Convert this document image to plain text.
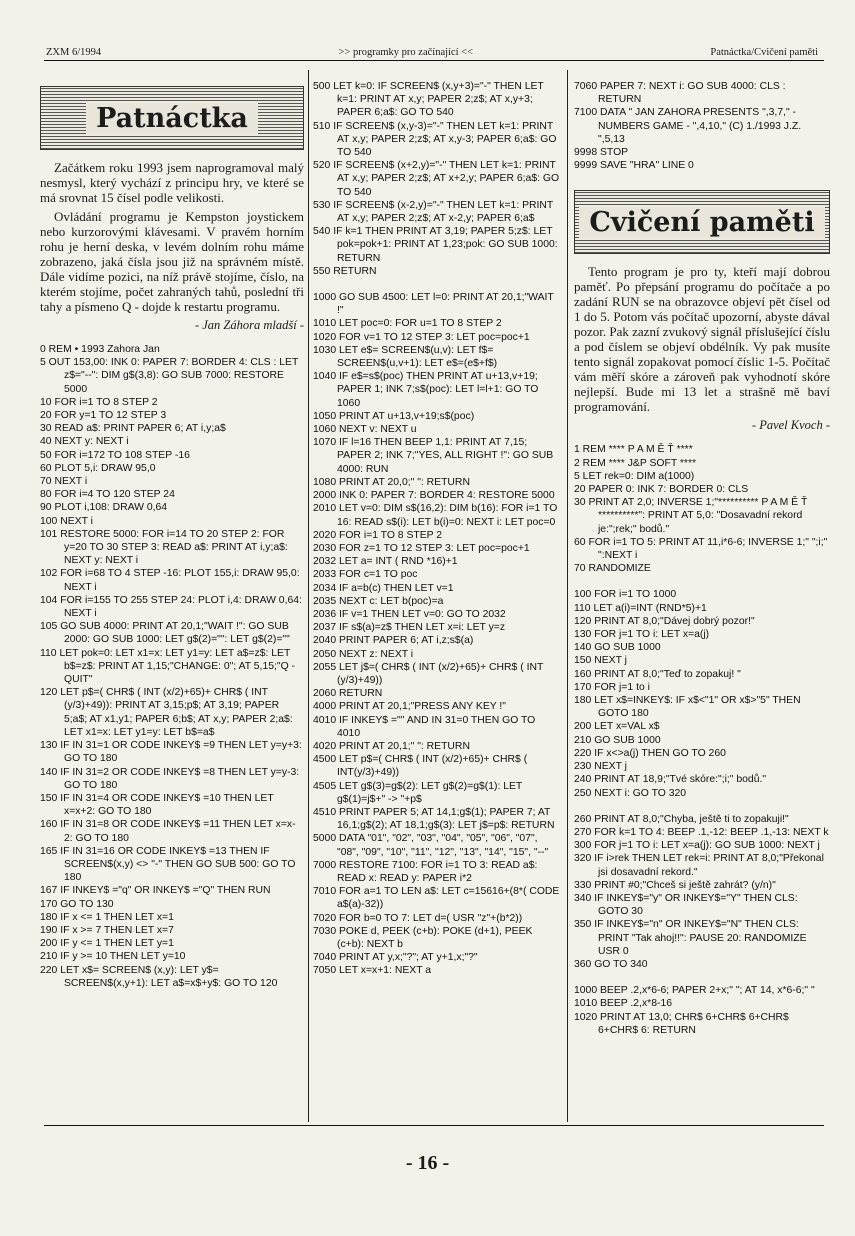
ZXM 6/1994	>> programky pro začínající <<	Patnáctka/Cvičení paměti
Patnáctka

Začátkem roku 1993 jsem naprogramoval malý nesmysl, který vychází z principu hry, ve které se má srovnat 15 čísel podle velikosti.

Ovládání programu je Kempston joystickem nebo kurzorovými klávesami. V pravém horním rohu je herní deska, v levém dolním rohu máme zobrazeno, jaká čísla jsou již na správném místě. Dále vidíme pozici, na níž právě stojíme, číslo, na kterém stojíme, počet zahraných tahů, poslední tři tahy a písmeno Q - dojde k restartu programu.

- Jan Záhora mladší -
0 REM • 1993 Zahora Jan
5 OUT 153,00: INK 0: PAPER 7: BORDER 4: CLS : LET z$="--": DIM g$(3,8): GO SUB 7000: RESTORE 5000
10 FOR i=1 TO 8 STEP 2
20 FOR y=1 TO 12 STEP 3
30 READ a$: PRINT PAPER 6; AT i,y;a$
40 NEXT y: NEXT i
50 FOR i=172 TO 108 STEP -16
60 PLOT 5,i: DRAW 95,0
70 NEXT i
80 FOR i=4 TO 120 STEP 24
90 PLOT i,108: DRAW 0,64
100 NEXT i
101 RESTORE 5000: FOR i=14 TO 20 STEP 2: FOR y=20 TO 30 STEP 3: READ a$: PRINT AT i,y;a$: NEXT y: NEXT i
102 FOR i=68 TO 4 STEP -16: PLOT 155,i: DRAW 95,0: NEXT i
104 FOR i=155 TO 255 STEP 24: PLOT i,4: DRAW 0,64: NEXT i
105 GO SUB 4000: PRINT AT 20,1;"WAIT !": GO SUB 2000: GO SUB 1000: LET g$(2)="": LET g$(2)=""
110 LET pok=0: LET x1=x: LET y1=y: LET a$=z$: LET b$=z$: PRINT AT 1,15;"CHANGE: 0"; AT 5,15;"Q - QUIT"
120 LET p$=( CHR$ ( INT (x/2)+65)+ CHR$ ( INT (y/3)+49)): PRINT AT 3,15;p$; AT 3,19; PAPER 5;a$; AT x1,y1; PAPER 6;b$; AT x,y; PAPER 2;a$: LET x1=x: LET y1=y: LET b$=a$
130 IF IN 31=1 OR CODE INKEY$ =9 THEN LET y=y+3: GO TO 180
140 IF IN 31=2 OR CODE INKEY$ =8 THEN LET y=y-3: GO TO 180
150 IF IN 31=4 OR CODE INKEY$ =10 THEN LET x=x+2: GO TO 180
160 IF IN 31=8 OR CODE INKEY$ =11 THEN LET x=x-2: GO TO 180
165 IF IN 31=16 OR CODE INKEY$ =13 THEN IF SCREEN$(x,y) <> "-" THEN GO SUB 500: GO TO 180
167 IF INKEY$ ="q" OR INKEY$ ="Q" THEN RUN
170 GO TO 130
180 IF x <= 1 THEN LET x=1
190 IF x >= 7 THEN LET x=7
200 IF y <= 1 THEN LET y=1
210 IF y >= 10 THEN LET y=10
220 LET x$= SCREEN$ (x,y): LET y$= SCREEN$(x,y+1): LET a$=x$+y$: GO TO 120
500 LET k=0: IF SCREEN$ (x,y+3)="-" THEN LET k=1: PRINT AT x,y; PAPER 2;z$; AT x,y+3; PAPER 6;a$: GO TO 540
510 IF SCREEN$ (x,y-3)="-" THEN LET k=1: PRINT AT x,y; PAPER 2;z$; AT x,y-3; PAPER 6;a$: GO TO 540
520 IF SCREEN$ (x+2,y)="-" THEN LET k=1: PRINT AT x,y; PAPER 2;z$; AT x+2,y; PAPER 6;a$: GO TO 540
530 IF SCREEN$ (x-2,y)="-" THEN LET k=1: PRINT AT x,y; PAPER 2;z$; AT x-2,y; PAPER 6;a$
540 IF k=1 THEN PRINT AT 3,19; PAPER 5;z$: LET pok=pok+1: PRINT AT 1,23;pok: GO SUB 1000: RETURN
550 RETURN
1000 GO SUB 4500: LET l=0: PRINT AT 20,1;"WAIT !"
1010 LET poc=0: FOR u=1 TO 8 STEP 2
1020 FOR v=1 TO 12 STEP 3: LET poc=poc+1
1030 LET e$= SCREEN$(u,v): LET f$= SCREEN$(u,v+1): LET e$=(e$+f$)
1040 IF e$=s$(poc) THEN PRINT AT u+13,v+19; PAPER 1; INK 7;s$(poc): LET l=l+1: GO TO 1060
1050 PRINT AT u+13,v+19;s$(poc)
1060 NEXT v: NEXT u
1070 IF l=16 THEN BEEP 1,1: PRINT AT 7,15; PAPER 2; INK 7;"YES, ALL RIGHT !": GO SUB 4000: RUN
1080 PRINT AT 20,0;" ": RETURN
2000 INK 0: PAPER 7: BORDER 4: RESTORE 5000
2010 LET v=0: DIM s$(16,2): DIM b(16): FOR i=1 TO 16: READ s$(i): LET b(i)=0: NEXT i: LET poc=0
2020 FOR i=1 TO 8 STEP 2
2030 FOR z=1 TO 12 STEP 3: LET poc=poc+1
2032 LET a= INT ( RND *16)+1
2033 FOR c=1 TO poc
2034 IF a=b(c) THEN LET v=1
2035 NEXT c: LET b(poc)=a
2036 IF v=1 THEN LET v=0: GO TO 2032
2037 IF s$(a)=z$ THEN LET x=i: LET y=z
2040 PRINT PAPER 6; AT i,z;s$(a)
2050 NEXT z: NEXT i
2055 LET j$=( CHR$ ( INT (x/2)+65)+ CHR$ ( INT (y/3)+49))
2060 RETURN
4000 PRINT AT 20,1;"PRESS ANY KEY !"
4010 IF INKEY$ ="" AND IN 31=0 THEN GO TO 4010
4020 PRINT AT 20,1;" ": RETURN
4500 LET p$=( CHR$ ( INT (x/2)+65)+ CHR$ ( INT(y/3)+49))
4505 LET g$(3)=g$(2): LET g$(2)=g$(1): LET g$(1)=j$+" -> "+p$
4510 PRINT PAPER 5; AT 14,1;g$(1); PAPER 7; AT 16,1;g$(2); AT 18,1;g$(3): LET j$=p$: RETURN
5000 DATA "01", "02", "03", "04", "05", "06", "07", "08", "09", "10", "11", "12", "13", "14", "15", "--"
7000 RESTORE 7100: FOR i=1 TO 3: READ a$: READ x: READ y: PAPER i*2
7010 FOR a=1 TO LEN a$: LET c=15616+(8*( CODE a$(a)-32))
7020 FOR b=0 TO 7: LET d=( USR "z"+(b*2))
7030 POKE d, PEEK (c+b): POKE (d+1), PEEK (c+b): NEXT b
7040 PRINT AT y,x;"?"; AT y+1,x;"?"
7050 LET x=x+1: NEXT a
7060 PAPER 7: NEXT i: GO SUB 4000: CLS : RETURN
7100 DATA " JAN ZAHORA PRESENTS ",3,7," - NUMBERS GAME - ",4,10," (C) 1./1993 J.Z. ",5,13
9998 STOP
9999 SAVE "HRA" LINE 0
Cvičení paměti

Tento program je pro ty, kteří mají dobrou paměť. Po přepsání programu do počítače a po zadání RUN se na obrazovce objeví pět čísel od 1 do 5. Potom vás počítač upozorní, abyste dával pozor. Pak zazní zvukový signál příslušející číslu a pod číslem se objeví obdélník. Vy pak musíte tento signál zopakovat pomocí číslic 1-5. Počítač vám měří skóre a zároveň pak vyhodnotí skóre nejlepší. Bude mi 13 let a strašně mě baví programování.

- Pavel Kvoch -
1 REM **** P A M Ě Ť ****
2 REM **** J&P SOFT ****
5 LET rek=0: DIM a(1000)
20 PAPER 0: INK 7: BORDER 0: CLS
30 PRINT AT 2,0; INVERSE 1;"********** P A M Ě Ť **********": PRINT AT 5,0: "Dosavadní rekord je:";rek;" bodů."
60 FOR i=1 TO 5: PRINT AT 11,i*6-6; INVERSE 1;" ";i;" ":NEXT i
70 RANDOMIZE
100 FOR i=1 TO 1000
110 LET a(i)=INT (RND*5)+1
120 PRINT AT 8,0;"Dávej dobrý pozor!"
130 FOR j=1 TO i: LET x=a(j)
140 GO SUB 1000
150 NEXT j
160 PRINT AT 8,0;"Teď to zopakuj! "
170 FOR j=1 to i
180 LET x$=INKEY$: IF x$<"1" OR x$>"5" THEN GOTO 180
200 LET x=VAL x$
210 GO SUB 1000
220 IF x<>a(j) THEN GO TO 260
230 NEXT j
240 PRINT AT 18,9;"Tvé skóre:";i;" bodů."
250 NEXT i: GO TO 320
260 PRINT AT 8,0;"Chyba, ještě ti to zopakuji!"
270 FOR k=1 TO 4: BEEP .1,-12: BEEP .1,-13: NEXT k
300 FOR j=1 TO i: LET x=a(j): GO SUB 1000: NEXT j
320 IF i>rek THEN LET rek=i: PRINT AT 8,0;"Překonal jsi dosavadní rekord."
330 PRINT #0;"Chceš si ještě zahrát? (y/n)"
340 IF INKEY$="y" OR INKEY$="Y" THEN CLS: GOTO 30
350 IF INKEY$="n" OR INKEY$="N" THEN CLS: PRINT "Tak ahoj!!": PAUSE 20: RANDOMIZE USR 0
360 GO TO 340
1000 BEEP .2,x*6-6; PAPER 2+x;" "; AT 14, x*6-6;" "
1010 BEEP .2,x*8-16
1020 PRINT AT 13,0; CHR$ 6+CHR$ 6+CHR$ 6+CHR$ 6: RETURN
- 16 -
